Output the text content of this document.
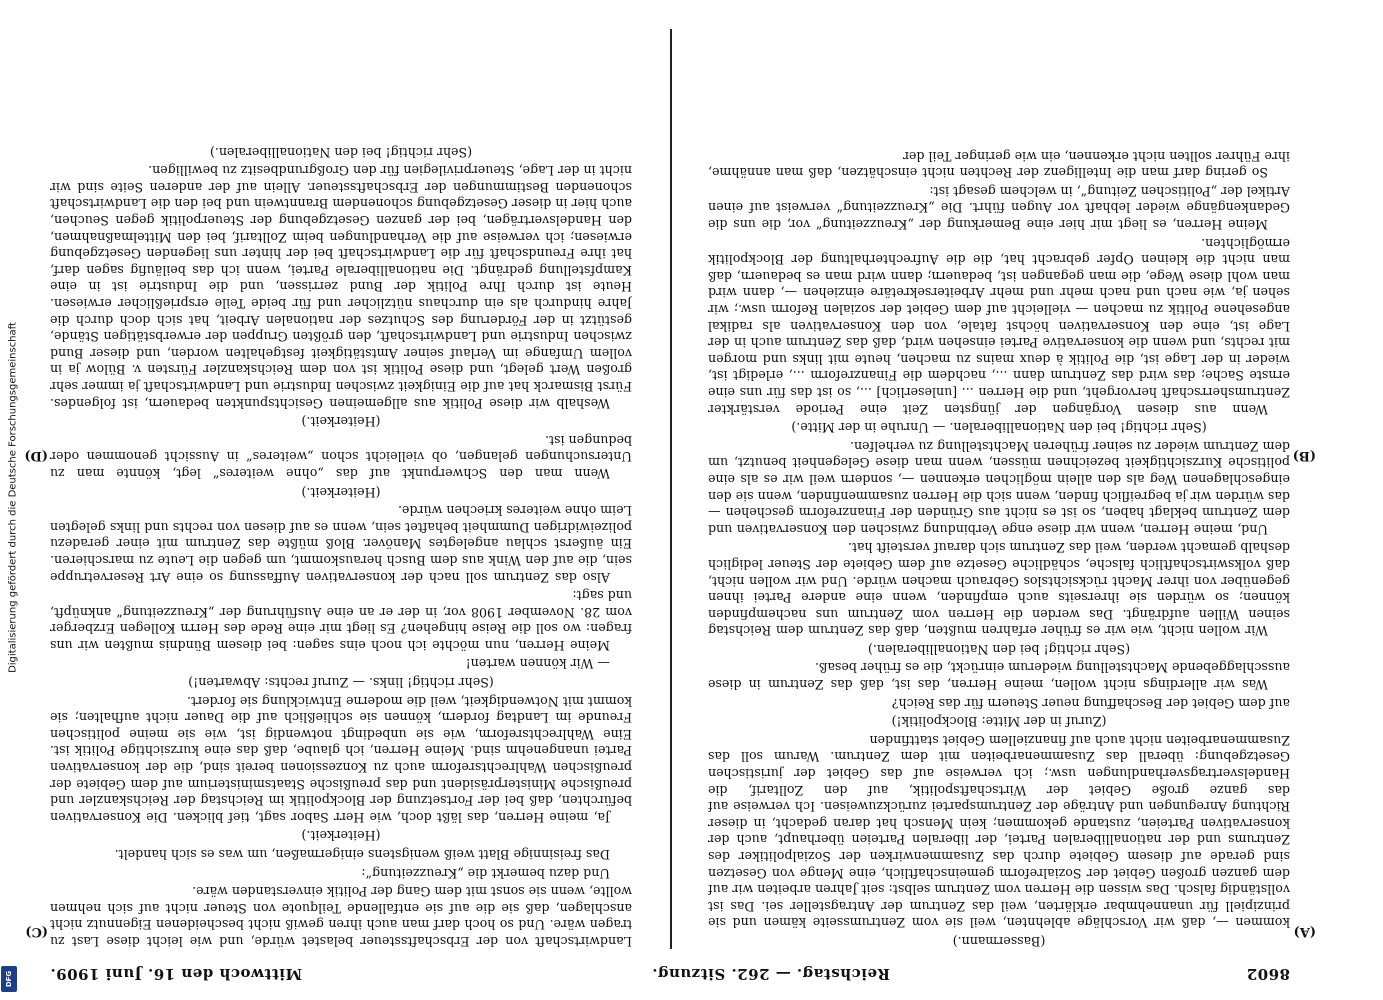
Digitalisierung gefördert durch die Deutsche Forschungsgemeinschaft
DFG	8602
Reichstag. — 262. Sitzung.
Mittwoch den 16. Juni 1909.
(A)
(B)
(C)
(D)

(Bassermann.)

kommen —, daß wir Vorschläge ablehnten, weil sie vom Zentrumsseite kämen und sie prinzipiell für unannehmbar erklärten, weil das Zentrum der Antragsteller sei. Das ist vollständig falsch. Das wissen die Herren vom Zentrum selbst: seit Jahren arbeiten wir auf dem ganzen großen Gebiet der Sozialreform gemeinschaftlich, eine Menge von Gesetzen sind gerade auf diesem Gebiete durch das Zusammenwirken der Sozialpolitiker des Zentrums und der nationalliberalen Partei, der liberalen Parteien überhaupt, auch der konservativen Parteien, zustande gekommen; kein Mensch hat daran gedacht, in dieser Richtung Anregungen und Anträge der Zentrumspartei zurückzuweisen. Ich verweise auf das ganze große Gebiet der Wirtschaftspolitik, auf den Zolltarif, die Handelsvertragsverhandlungen usw.; ich verweise auf das Gebiet der juristischen Gesetzgebung: überall das Zusammenarbeiten mit dem Zentrum. Warum soll das Zusammenarbeiten nicht auch auf finanziellem Gebiet stattfinden

(Zuruf in der Mitte: Blockpolitik!)

auf dem Gebiet der Beschaffung neuer Steuern für das Reich?

Was wir allerdings nicht wollen, meine Herren, das ist, daß das Zentrum in diese ausschlaggebende Machtstellung wiederum einrückt, die es früher besaß.

(Sehr richtig! bei den Nationalliberalen.)

Wir wollen nicht, wie wir es früher erfahren mußten, daß das Zentrum dem Reichstag seinen Willen aufdrängt. Das werden die Herren vom Zentrum uns nachempfinden können; so würden sie ihrerseits auch empfinden, wenn eine andere Partei ihnen gegenüber von ihrer Macht rücksichtslos Gebrauch machen würde. Und wir wollen nicht, daß volkswirtschaftlich falsche, schädliche Gesetze auf dem Gebiete der Steuer lediglich deshalb gemacht werden, weil das Zentrum sich darauf versteift hat.

Und, meine Herren, wenn wir diese enge Verbindung zwischen den Konservativen und dem Zentrum beklagt haben, so ist es nicht aus Gründen der Finanzreform geschehen — das würden wir ja begreiflich finden, wenn sich die Herren zusammenfinden, wenn sie den eingeschlagenen Weg als den allein möglichen erkennen —, sondern weil wir es als eine politische Kurzsichtigkeit bezeichnen müssen, wenn man diese Gelegenheit benutzt, um dem Zentrum wieder zu seiner früheren Machtstellung zu verhelfen.

(Sehr richtig! bei den Nationalliberalen. — Unruhe in der Mitte.)

Wenn aus diesen Vorgängen der jüngsten Zeit eine Periode verstärkter Zentrumsherrschaft hervorgeht, und die Herren ... [unleserlich] ..., so ist das für uns eine ernste Sache; das wird das Zentrum dann ..., nachdem die Finanzreform ..., erledigt ist, wieder in der Lage ist, die Politik à deux mains zu machen, heute mit links und morgen mit rechts, und wenn die konservative Partei einsehen wird, daß das Zentrum auch in der Lage ist, eine den Konservativen höchst fatale, von den Konservativen als radikal angesehene Politik zu machen — vielleicht auf dem Gebiet der sozialen Reform usw.; wir sehen ja, wie nach und nach mehr und mehr Arbeitersekretäre einziehen —, dann wird man wohl diese Wege, die man gegangen ist, bedauern; dann wird man es bedauern, daß man nicht die kleinen Opfer gebracht hat, die die Aufrechterhaltung der Blockpolitik ermöglichten.

Meine Herren, es liegt mir hier eine Bemerkung der „Kreuzzeitung“ vor, die uns die Gedankengänge wieder lebhaft vor Augen führt. Die „Kreuzzeitung“ verweist auf einen Artikel der „Politischen Zeitung“, in welchem gesagt ist:

So gering darf man die Intelligenz der Rechten nicht einschätzen, daß man annähme, ihre Führer sollten nicht erkennen, ein wie geringer Teil der

Landwirtschaft von der Erbschaftssteuer belastet würde, und wie leicht diese Last zu tragen wäre. Und so hoch darf man auch ihren gewiß nicht bescheidenen Eigennutz nicht anschlagen, daß sie die auf sie entfallende Teilquote von Steuer nicht auf sich nehmen wollte, wenn sie sonst mit dem Gang der Politik einverstanden wäre.

Und dazu bemerkt die „Kreuzzeitung“:

Das freisinnige Blatt weiß wenigstens einigermaßen, um was es sich handelt.

(Heiterkeit.)

Ja, meine Herren, das läßt doch, wie Herr Sabor sagt, tief blicken. Die Konservativen befürchten, daß bei der Fortsetzung der Blockpolitik im Reichstag der Reichskanzler und preußische Ministerpräsident und das preußische Staatsministerium auf dem Gebiete der preußischen Wahlrechtsreform auch zu Konzessionen bereit sind, die der konservativen Partei unangenehm sind. Meine Herren, ich glaube, daß das eine kurzsichtige Politik ist. Eine Wahlrechtsreform, wie sie unbedingt notwendig ist, wie sie meine politischen Freunde im Landtag fordern, können sie schließlich auf die Dauer nicht aufhalten; sie kommt mit Notwendigkeit, weil die moderne Entwicklung sie fordert.

(Sehr richtig! links. — Zuruf rechts: Abwarten!)

— Wir können warten!

Meine Herren, nun möchte ich noch eins sagen: bei diesem Bündnis mußten wir uns fragen: wo soll die Reise hingehen? Es liegt mir eine Rede des Herrn Kollegen Erzberger vom 28. November 1908 vor, in der er an eine Ausführung der „Kreuzzeitung“ anknüpft, und sagt:

Also das Zentrum soll nach der konservativen Auffassung so eine Art Reservetruppe sein, die auf den Wink aus dem Busch herauskommt, um gegen die Leute zu marschieren. Ein äußerst schlau angelegtes Manöver. Bloß müßte das Zentrum mit einer geradezu polizeiwidrigen Dummheit behaftet sein, wenn es auf diesen von rechts und links gelegten Leim ohne weiteres kriechen würde.

(Heiterkeit.)

Wenn man den Schwerpunkt auf das „ohne weiteres“ legt, könnte man zu Untersuchungen gelangen, ob vielleicht schon „weiteres“ in Aussicht genommen oder bedungen ist.

(Heiterkeit.)

Weshalb wir diese Politik aus allgemeinen Gesichtspunkten bedauern, ist folgendes. Fürst Bismarck hat auf die Einigkeit zwischen Industrie und Landwirtschaft ja immer sehr großen Wert gelegt, und diese Politik ist von dem Reichskanzler Fürsten v. Bülow ja in vollem Umfange im Verlauf seiner Amtstätigkeit festgehalten worden, und dieser Bund zwischen Industrie und Landwirtschaft, den größten Gruppen der erwerbstätigen Stände, gestützt in der Förderung des Schutzes der nationalen Arbeit, hat sich doch durch die Jahre hindurch als ein durchaus nützlicher und für beide Teile ersprießlicher erwiesen. Heute ist durch Ihre Politik der Bund zerrissen, und die Industrie ist in eine Kampfstellung gedrängt. Die nationalliberale Partei, wenn ich das beiläufig sagen darf, hat ihre Freundschaft für die Landwirtschaft bei der hinter uns liegenden Gesetzgebung erwiesen; ich verweise auf die Verhandlungen beim Zolltarif, bei den Mittelmaßnahmen, den Handelsverträgen, bei der ganzen Gesetzgebung der Steuerpolitik gegen Seuchen, auch hier in dieser Gesetzgebung schonendem Branntwein und bei den die Landwirtschaft schonenden Bestimmungen der Erbschaftssteuer. Allein auf der anderen Seite sind wir nicht in der Lage, Steuerprivilegien für den Großgrundbesitz zu bewilligen.

(Sehr richtig! bei den Nationalliberalen.)
